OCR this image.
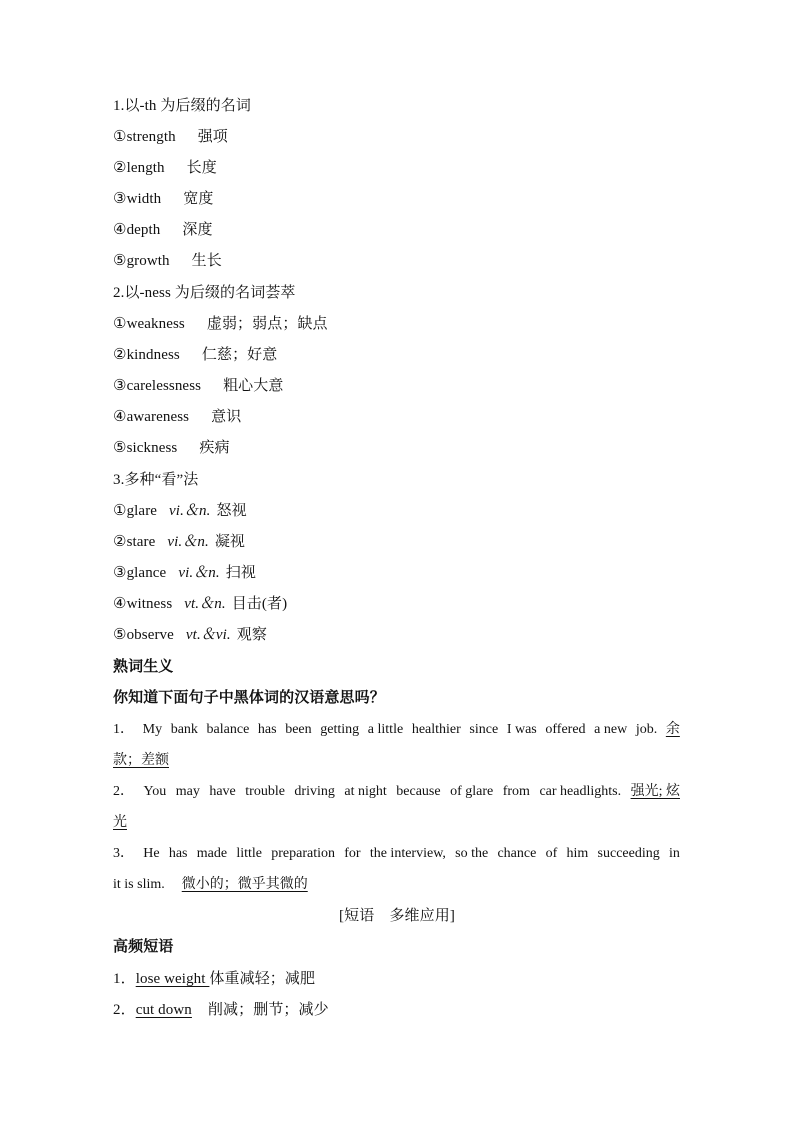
1.以-th 为后缀的名词
①strength 强项
②length 长度
③width 宽度
④depth 深度
⑤growth 生长
2.以-ness 为后缀的名词荟萃
①weakness 虚弱；弱点；缺点
②kindness 仁慈；好意
③carelessness 粗心大意
④awareness 意识
⑤sickness 疾病
3.多种“看”法
①glare vi.＆n. 怒视
②stare vi.＆n. 凝视
③glance vi.＆n. 扫视
④witness vt.＆n. 目击(者)
⑤observe vt.＆vi. 观察
熟词生义
你知道下面句子中黑体词的汉语意思吗？
1． My bank balance has been getting a little healthier since I was offered a new job. 余
款；差额
2． You may have trouble driving at night because of glare from car headlights. 强光; 炫
光
3． He has made little preparation for the interview, so the chance of him succeeding in
it is slim. 微小的；微乎其微的
[短语　多维应用]
高频短语
1．lose weight 体重减轻；减肥
2．cut down 削减；删节；减少
